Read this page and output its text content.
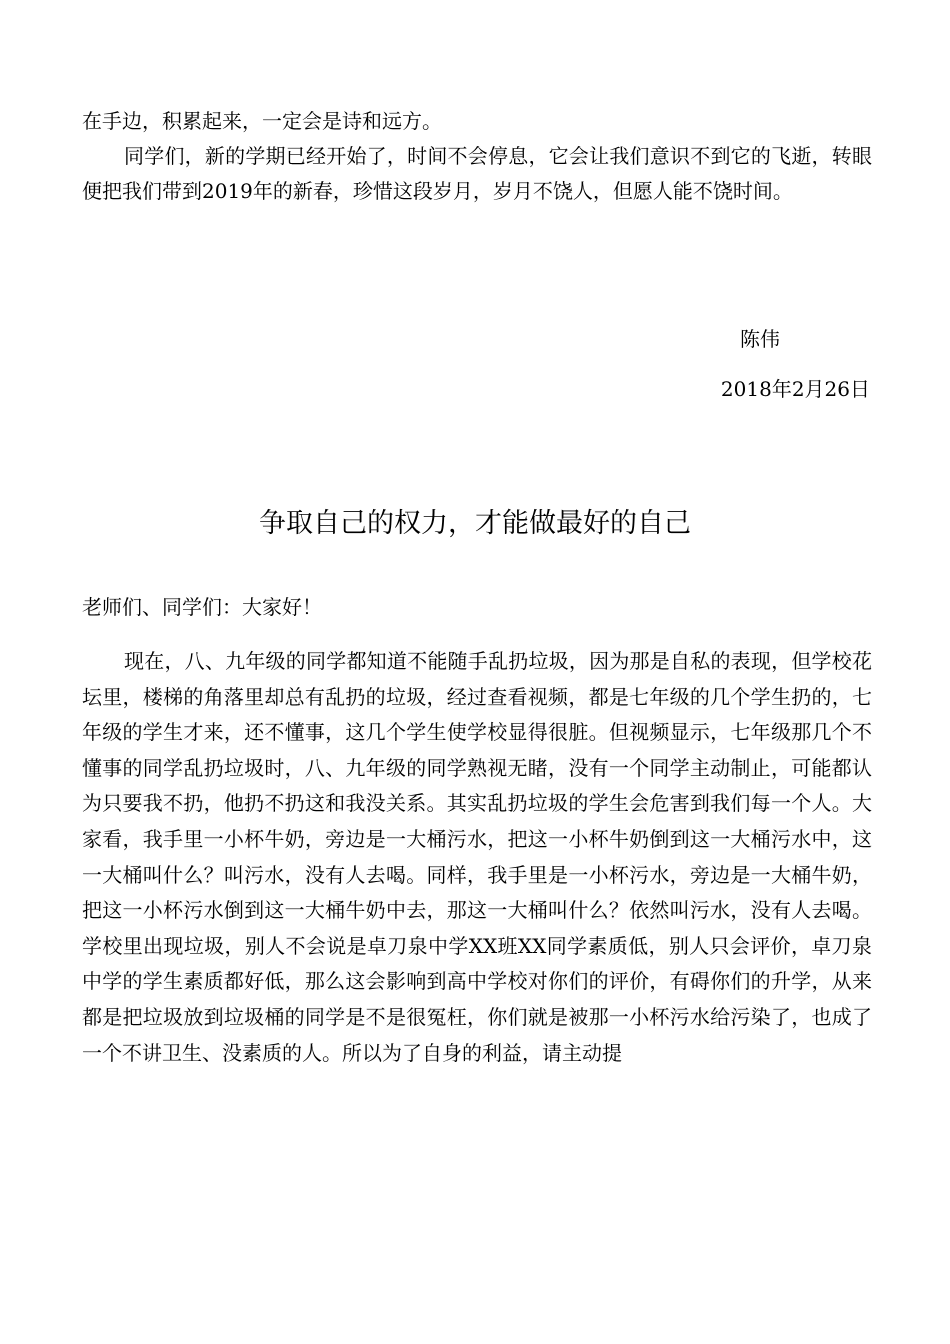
在手边，积累起来，一定会是诗和远方。

同学们，新的学期已经开始了，时间不会停息，它会让我们意识不到它的飞逝，转眼便把我们带到2019年的新春，珍惜这段岁月，岁月不饶人，但愿人能不饶时间。

陈伟
2018年2月26日
争取自己的权力，才能做最好的自己
老师们、同学们：大家好！

现在，八、九年级的同学都知道不能随手乱扔垃圾，因为那是自私的表现，但学校花坛里，楼梯的角落里却总有乱扔的垃圾，经过查看视频，都是七年级的几个学生扔的，七年级的学生才来，还不懂事，这几个学生使学校显得很脏。但视频显示，七年级那几个不懂事的同学乱扔垃圾时，八、九年级的同学熟视无睹，没有一个同学主动制止，可能都认为只要我不扔，他扔不扔这和我没关系。其实乱扔垃圾的学生会危害到我们每一个人。大家看，我手里一小杯牛奶，旁边是一大桶污水，把这一小杯牛奶倒到这一大桶污水中，这一大桶叫什么？叫污水，没有人去喝。同样，我手里是一小杯污水，旁边是一大桶牛奶，把这一小杯污水倒到这一大桶牛奶中去，那这一大桶叫什么？依然叫污水，没有人去喝。学校里出现垃圾，别人不会说是卓刀泉中学XX班XX同学素质低，别人只会评价，卓刀泉中学的学生素质都好低，那么这会影响到高中学校对你们的评价，有碍你们的升学，从来都是把垃圾放到垃圾桶的同学是不是很冤枉，你们就是被那一小杯污水给污染了，也成了一个不讲卫生、没素质的人。所以为了自身的利益，请主动提
